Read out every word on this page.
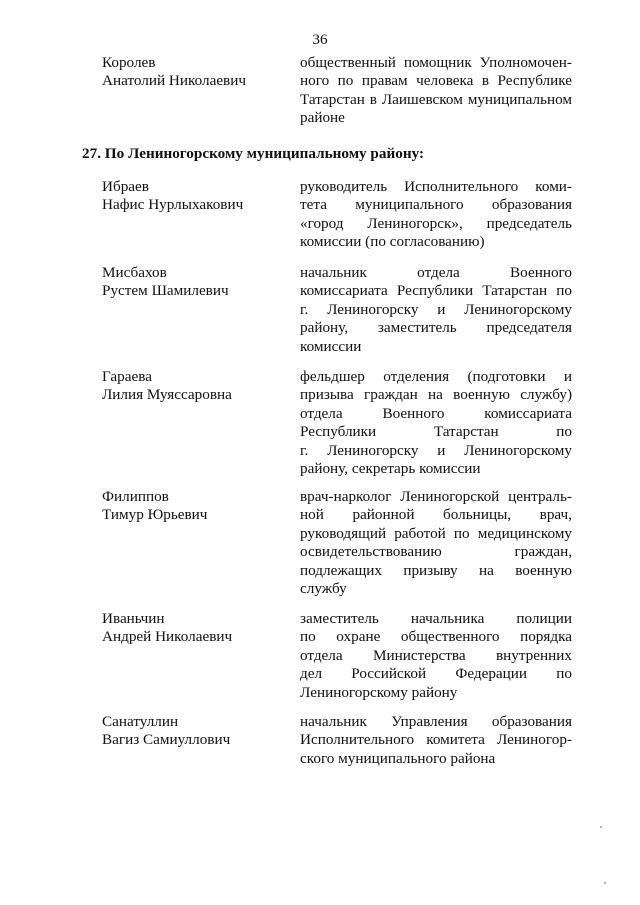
36
Королев
Анатолий Николаевич
общественный помощник Уполномочен-
ного по правам человека в Республике
Татарстан в Лаишевском муниципальном
районе
27. По Лениногорскому муниципальному району:
Ибраев
Нафис Нурлыхакович
руководитель Исполнительного коми-
тета муниципального образования
«город Лениногорск», председатель
комиссии (по согласованию)
Мисбахов
Рустем Шамилевич
начальник отдела Военного
комиссариата Республики Татарстан по
г. Лениногорску и Лениногорскому
району, заместитель председателя
комиссии
Гараева
Лилия Муяссаровна
фельдшер отделения (подготовки и
призыва граждан на военную службу)
отдела Военного комиссариата
Республики Татарстан по
г. Лениногорску и Лениногорскому
району, секретарь комиссии
Филиппов
Тимур Юрьевич
врач-нарколог Лениногорской централь-
ной районной больницы, врач,
руководящий работой по медицинскому
освидетельствованию граждан,
подлежащих призыву на военную
службу
Иваньчин
Андрей Николаевич
заместитель начальника полиции
по охране общественного порядка
отдела Министерства внутренних
дел Российской Федерации по
Лениногорскому району
Санатуллин
Вагиз Самиуллович
начальник Управления образования
Исполнительного комитета Лениногор-
ского муниципального района
